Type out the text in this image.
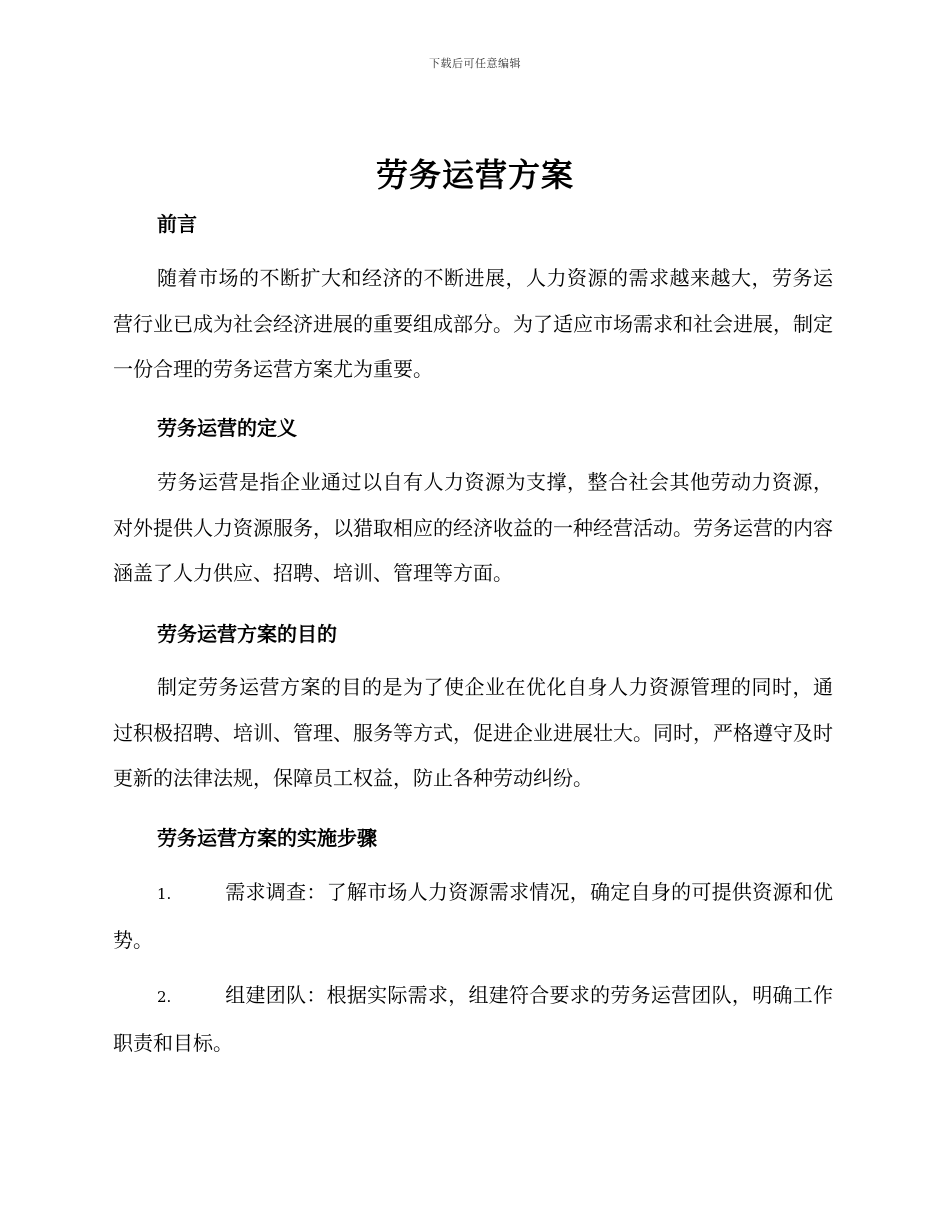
下载后可任意编辑
劳务运营方案
前言

随着市场的不断扩大和经济的不断进展，人力资源的需求越来越大，劳务运营行业已成为社会经济进展的重要组成部分。为了适应市场需求和社会进展，制定一份合理的劳务运营方案尤为重要。

劳务运营的定义

劳务运营是指企业通过以自有人力资源为支撑，整合社会其他劳动力资源，对外提供人力资源服务，以猎取相应的经济收益的一种经营活动。劳务运营的内容涵盖了人力供应、招聘、培训、管理等方面。

劳务运营方案的目的

制定劳务运营方案的目的是为了使企业在优化自身人力资源管理的同时，通过积极招聘、培训、管理、服务等方式，促进企业进展壮大。同时，严格遵守及时更新的法律法规，保障员工权益，防止各种劳动纠纷。

劳务运营方案的实施步骤

1.	需求调查：了解市场人力资源需求情况，确定自身的可提供资源和优势。

2.	组建团队：根据实际需求，组建符合要求的劳务运营团队，明确工作职责和目标。
